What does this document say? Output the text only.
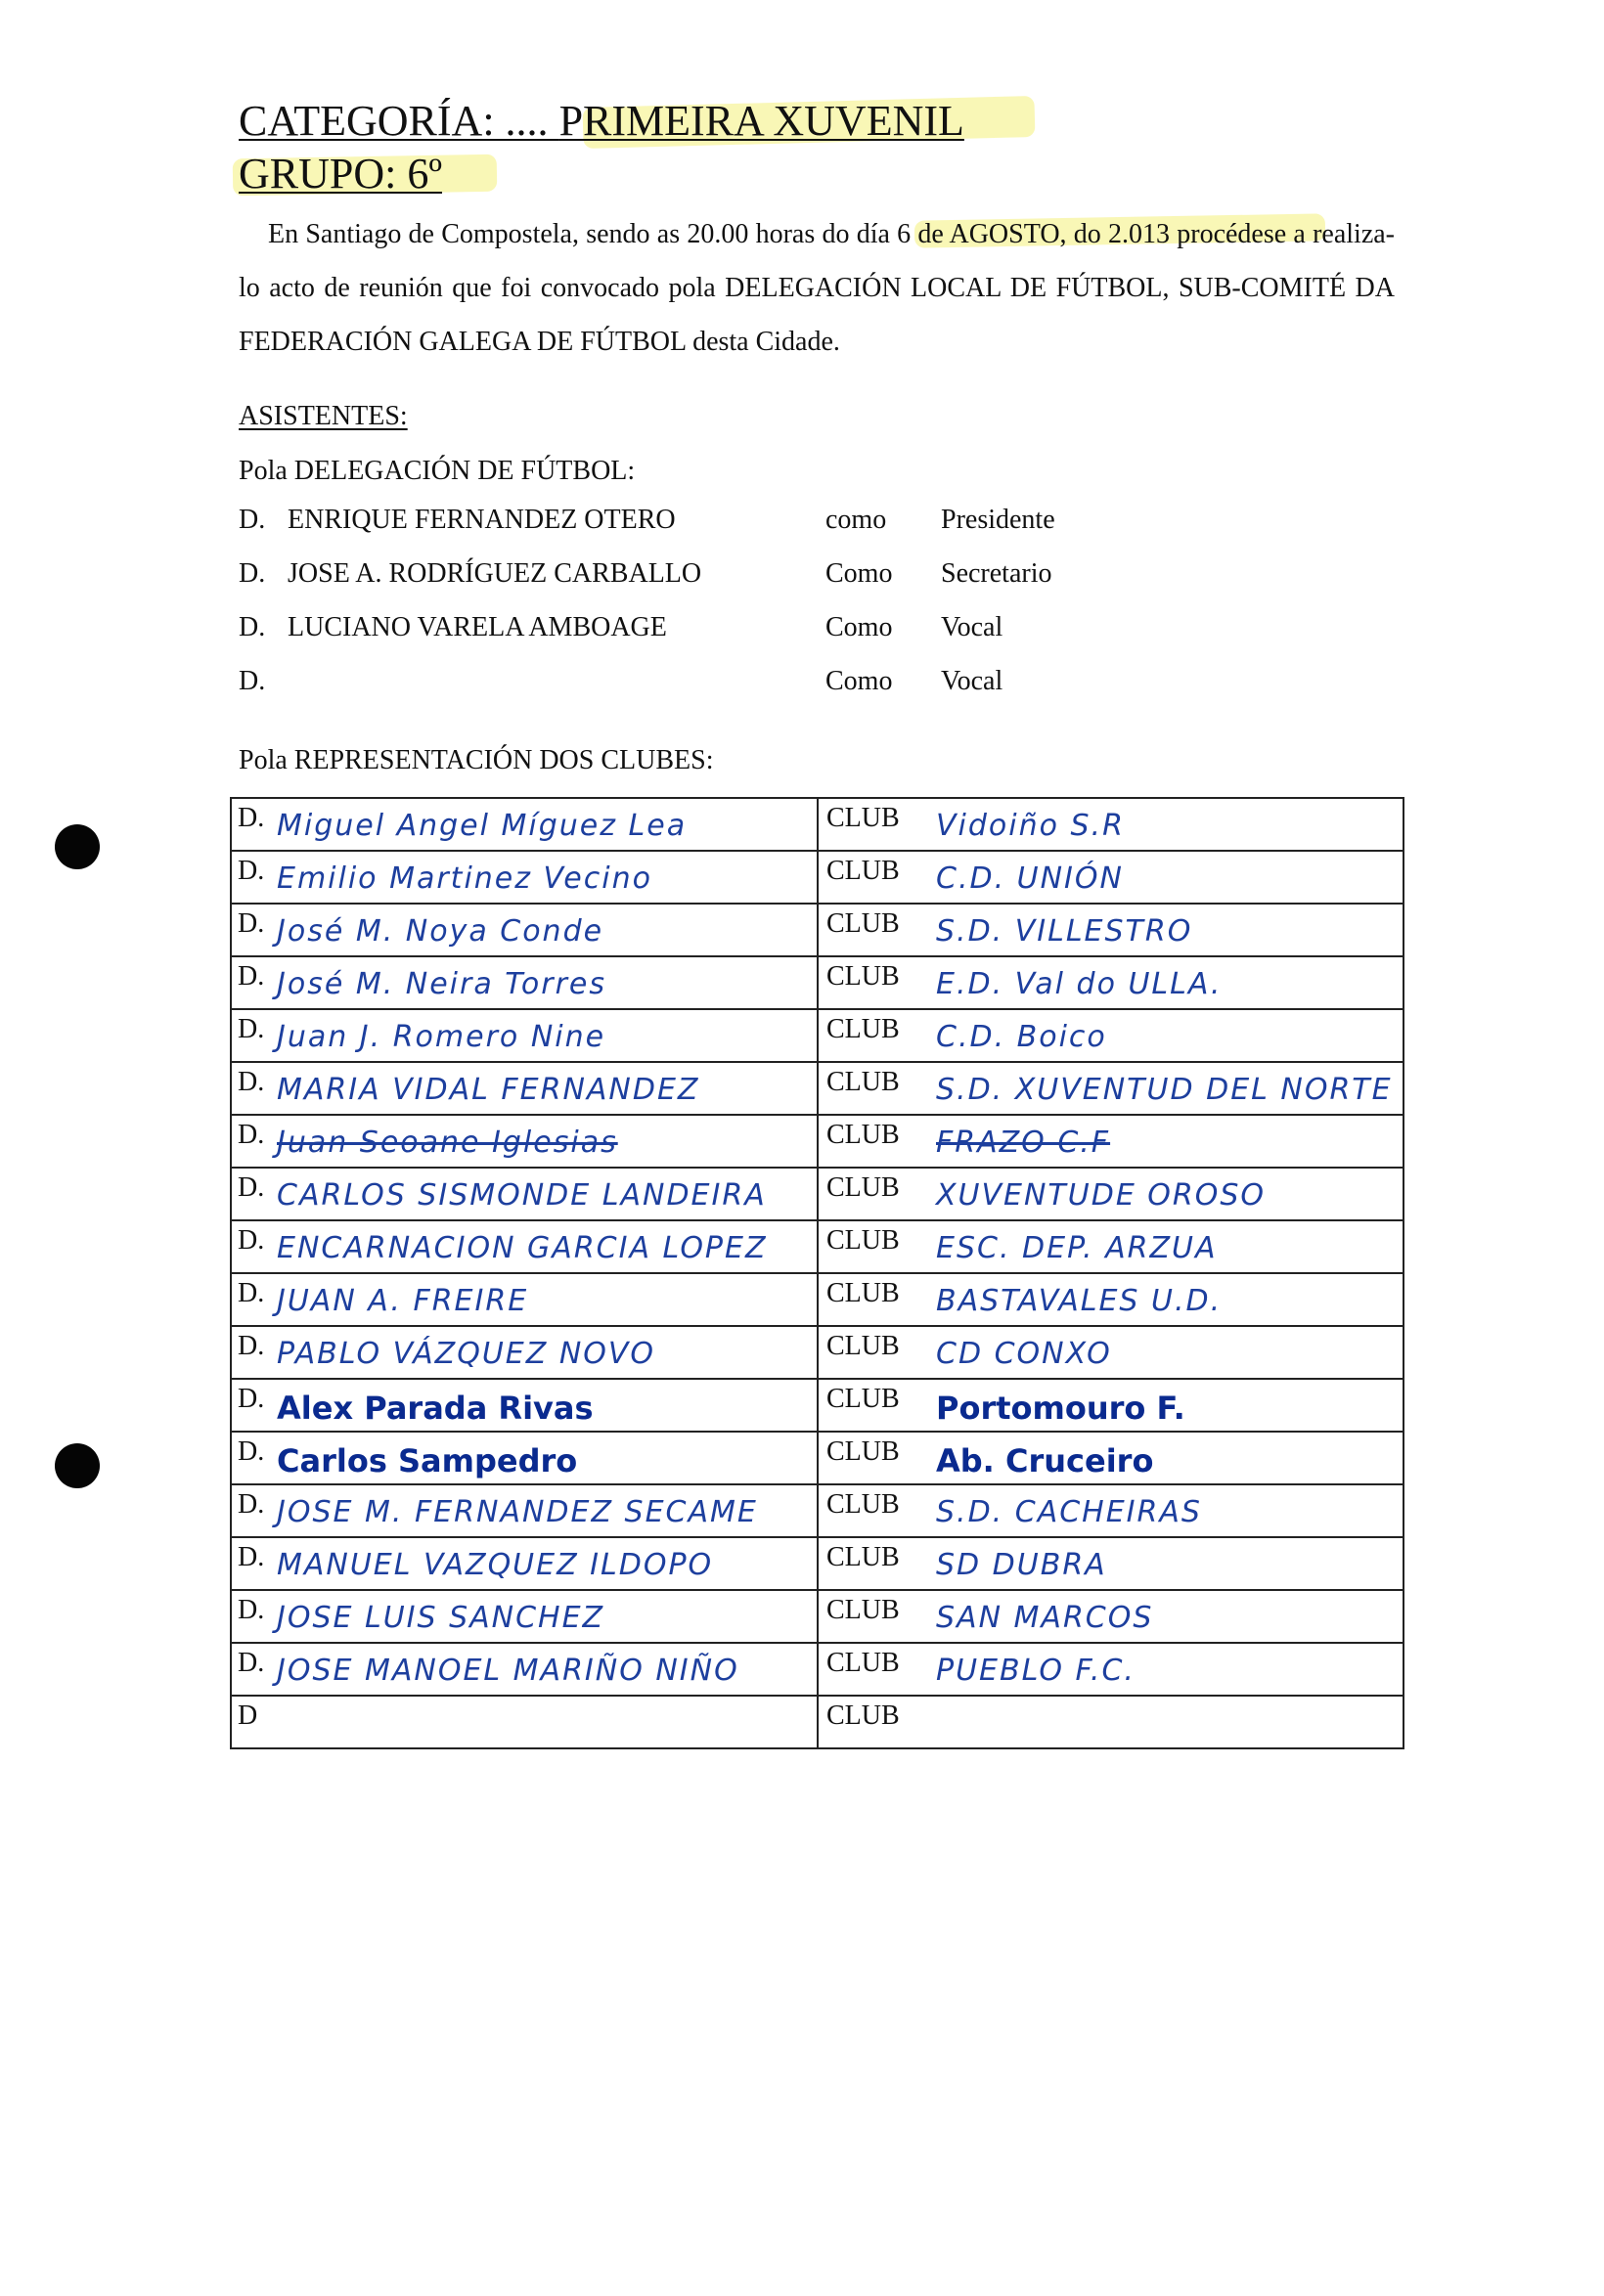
CATEGORÍA: .... PRIMEIRA XUVENIL
GRUPO: 6º
En Santiago de Compostela, sendo as 20.00 horas do día 6 de AGOSTO, do 2.013 procédese a realiza-lo acto de reunión que foi convocado pola DELEGACIÓN LOCAL DE FÚTBOL, SUB-COMITÉ DA FEDERACIÓN GALEGA DE FÚTBOL desta Cidade.
ASISTENTES:
Pola DELEGACIÓN DE FÚTBOL:
D. ENRIQUE FERNANDEZ OTERO	como Presidente
D. JOSE A. RODRÍGUEZ CARBALLO	Como Secretario
D. LUCIANO VARELA AMBOAGE	Como Vocal
D.	Como Vocal
Pola REPRESENTACIÓN DOS CLUBES:
D. Miguel Angel Míguez Lea	CLUB Vidoiño S.R

D. Emilio Martinez Vecino	CLUB C.D. UNIÓN

D. José M. Noya Conde	CLUB S.D. VILLESTRO

D. José M. Neira Torres	CLUB E.D. Val do ULLA.

D. Juan J. Romero Nine	CLUB C.D. Boico

D. MARIA VIDAL FERNANDEZ	CLUB S.D. XUVENTUD DEL NORTE

D. Juan Seoane Iglesias	CLUB FRAZO C.F

D. CARLOS SISMONDE LANDEIRA	CLUB XUVENTUDE OROSO

D. ENCARNACION GARCIA LOPEZ	CLUB ESC. DEP. ARZUA

D. JUAN A. FREIRE	CLUB BASTAVALES U.D.

D. PABLO VÁZQUEZ NOVO	CLUB CD CONXO

D. Alex Parada Rivas	CLUB Portomouro F.

D. Carlos Sampedro	CLUB Ab. Cruceiro

D. JOSE M. FERNANDEZ SECAME	CLUB S.D. CACHEIRAS

D. MANUEL VAZQUEZ ILDOPO	CLUB SD DUBRA

D. JOSE LUIS SANCHEZ	CLUB SAN MARCOS

D. JOSE MANOEL MARIÑO NIÑO	CLUB PUEBLO F.C.

D	CLUB
